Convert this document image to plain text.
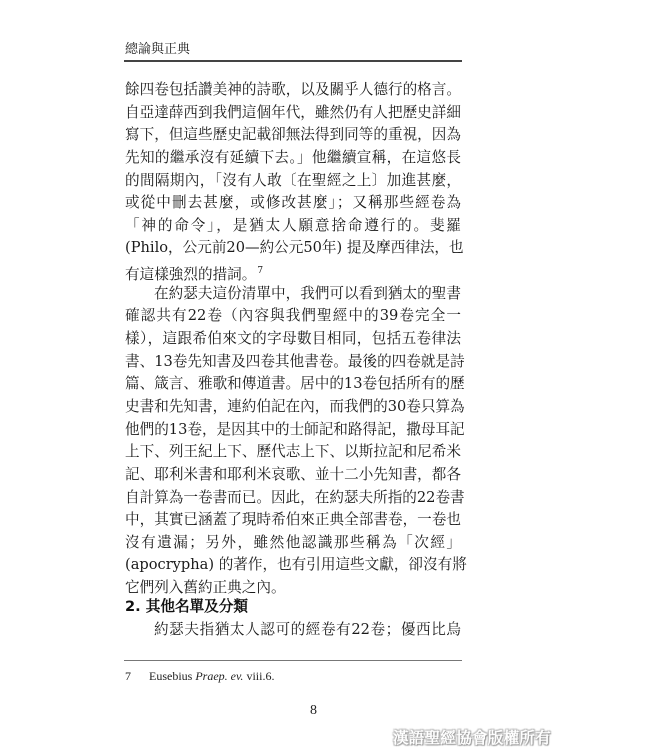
總論與正典
餘四卷包括讚美神的詩歌，以及關乎人德行的格言。
自亞達薛西到我們這個年代，雖然仍有人把歷史詳細
寫下，但這些歷史記載卻無法得到同等的重視，因為
先知的繼承沒有延續下去。」他繼續宣稱，在這悠長
的間隔期內，「沒有人敢〔在聖經之上〕加進甚麼，
或從中刪去甚麼，或修改甚麼」；又稱那些經卷為
「神的命令」，是猶太人願意捨命遵行的。斐羅
(Philo，公元前20—約公元50年) 提及摩西律法，也
有這樣強烈的措詞。$^7$
在約瑟夫這份清單中，我們可以看到猶太的聖書
確認共有22卷（內容與我們聖經中的39卷完全一
樣），這跟希伯來文的字母數目相同，包括五卷律法
書、13卷先知書及四卷其他書卷。最後的四卷就是詩
篇、箴言、雅歌和傳道書。居中的13卷包括所有的歷
史書和先知書，連約伯記在內，而我們的30卷只算為
他們的13卷，是因其中的士師記和路得記，撒母耳記
上下、列王紀上下、歷代志上下、以斯拉記和尼希米
記、耶利米書和耶利米哀歌、並十二小先知書，都各
自計算為一卷書而已。因此，在約瑟夫所指的22卷書
中，其實已涵蓋了現時希伯來正典全部書卷，一卷也
沒有遺漏；另外，雖然他認識那些稱為「次經」
(apocrypha) 的著作，也有引用這些文獻，卻沒有將
它們列入舊約正典之內。
2. 其他名單及分類
約瑟夫指猶太人認可的經卷有22卷；優西比烏
7 Eusebius Praep. ev. viii.6.
8
漢語聖經協會版權所有
